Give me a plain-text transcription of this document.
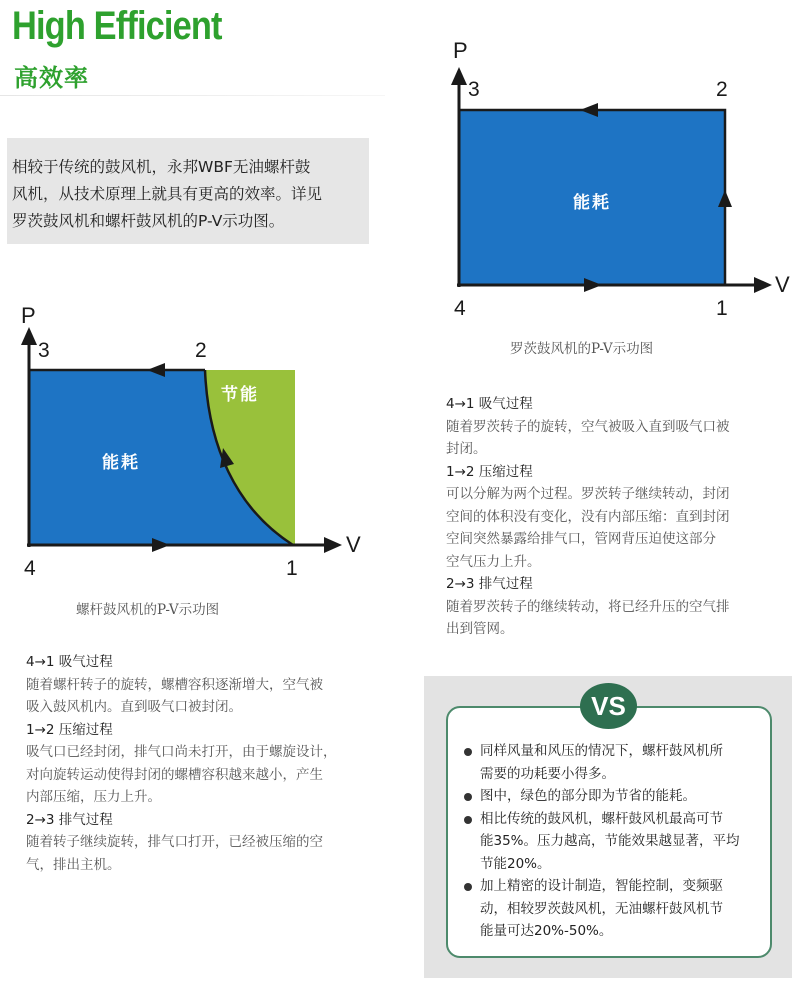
High Efficient
高效率

相较于传统的鼓风机，永邦WBF无油螺杆鼓

风机，从技术原理上就具有更高的效率。详见

罗茨鼓风机和螺杆鼓风机的P-V示功图。

P
V
3	2
4	1
能耗
罗茨鼓风机的P-V示功图
4→1 吸气过程
随着罗茨转子的旋转，空气被吸入直到吸气口被
封闭。
1→2 压缩过程
可以分解为两个过程。罗茨转子继续转动，封闭
空间的体积没有变化，没有内部压缩：直到封闭
空间突然暴露给排气口，管网背压迫使这部分
空气压力上升。
2→3 排气过程
随着罗茨转子的继续转动，将已经升压的空气排
出到管网。
P
V
3	2
4	1
能耗
节能
螺杆鼓风机的P-V示功图
4→1 吸气过程
随着螺杆转子的旋转，螺槽容积逐渐增大，空气被
吸入鼓风机内。直到吸气口被封闭。
1→2 压缩过程
吸气口已经封闭，排气口尚未打开，由于螺旋设计，
对向旋转运动使得封闭的螺槽容积越来越小，产生
内部压缩，压力上升。
2→3 排气过程
随着转子继续旋转，排气口打开，已经被压缩的空
气，排出主机。
VS
同样风量和风压的情况下，螺杆鼓风机所
需要的功耗要小得多。
图中，绿色的部分即为节省的能耗。
相比传统的鼓风机，螺杆鼓风机最高可节
能35%。压力越高，节能效果越显著，平均
节能20%。
加上精密的设计制造，智能控制，变频驱
动，相较罗茨鼓风机，无油螺杆鼓风机节
能量可达20%-50%。
